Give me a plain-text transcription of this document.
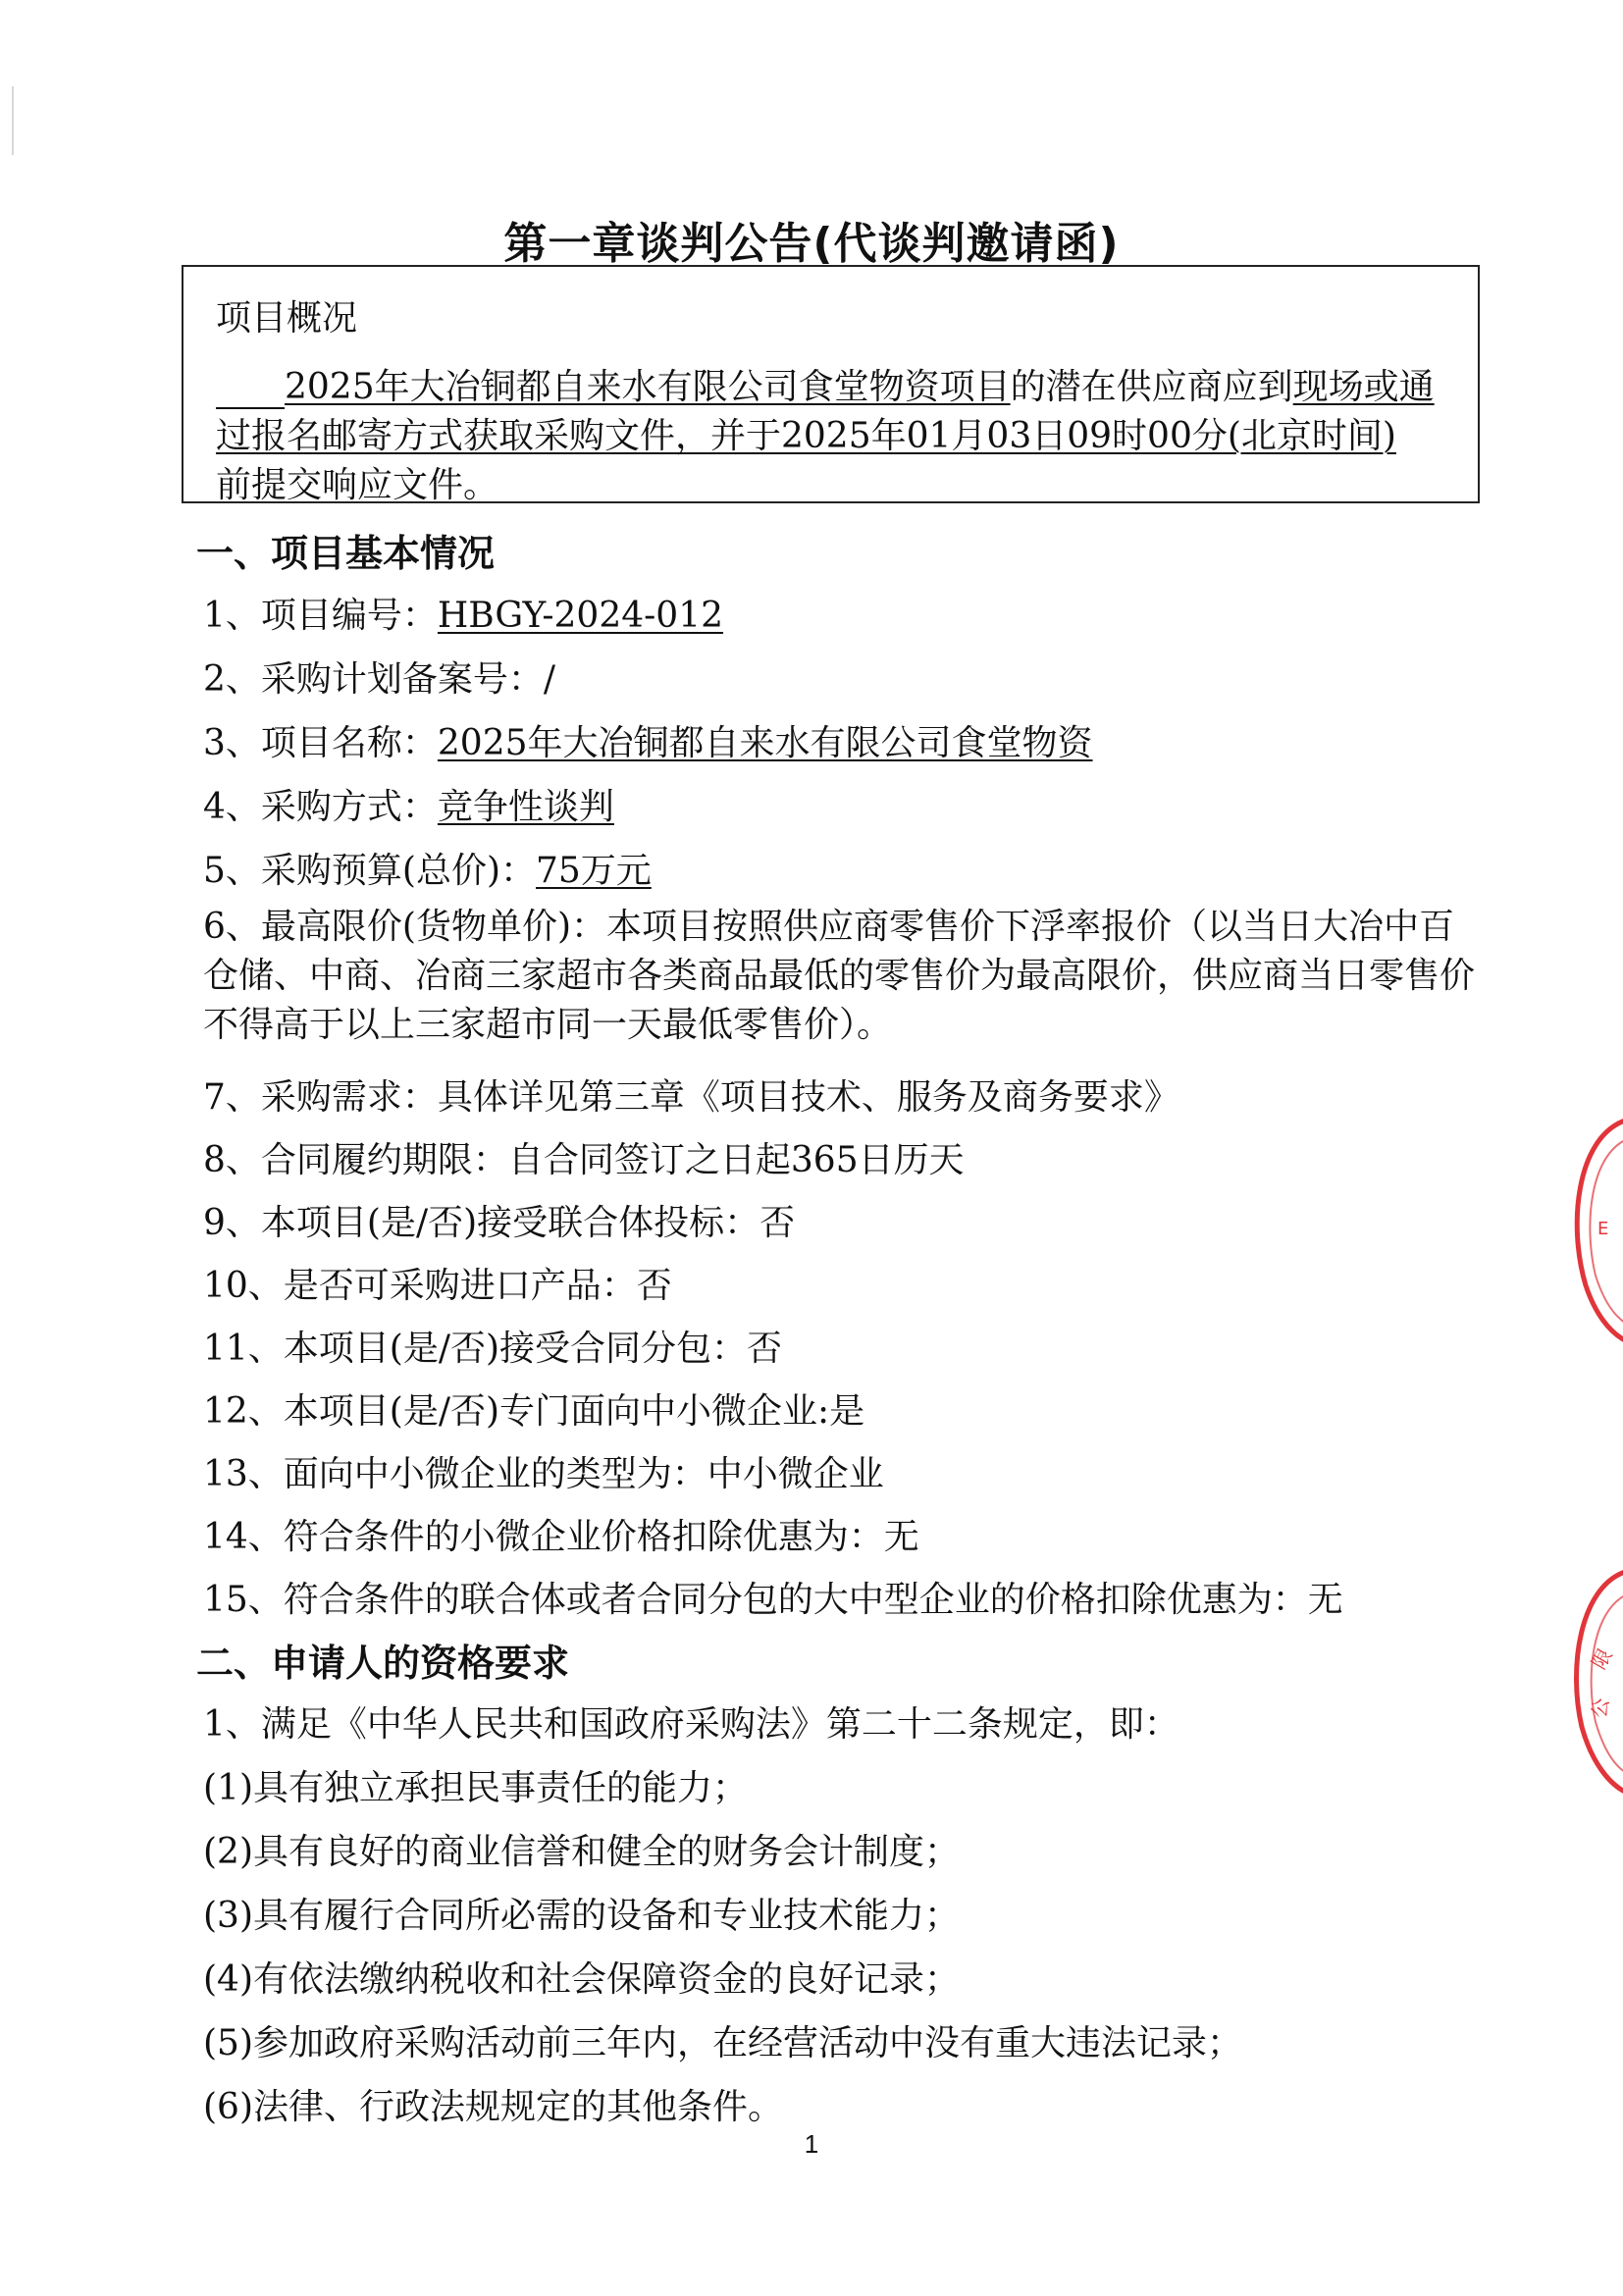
第一章谈判公告(代谈判邀请函)
项目概况
2025年大冶铜都自来水有限公司食堂物资项目的潜在供应商应到现场或通
过报名邮寄方式获取采购文件，并于2025年01月03日09时00分(北京时间)
前提交响应文件。
一、项目基本情况
1、项目编号：HBGY-2024-012
2、采购计划备案号：/
3、项目名称：2025年大冶铜都自来水有限公司食堂物资
4、采购方式：竞争性谈判
5、采购预算(总价)：75万元
6、最高限价(货物单价)：本项目按照供应商零售价下浮率报价（以当日大冶中百仓储、中商、冶商三家超市各类商品最低的零售价为最高限价，供应商当日零售价不得高于以上三家超市同一天最低零售价）。
7、采购需求：具体详见第三章《项目技术、服务及商务要求》
8、合同履约期限：自合同签订之日起365日历天
9、本项目(是/否)接受联合体投标：否
10、是否可采购进口产品：否
11、本项目(是/否)接受合同分包：否
12、本项目(是/否)专门面向中小微企业:是
13、面向中小微企业的类型为：中小微企业
14、符合条件的小微企业价格扣除优惠为：无
15、符合条件的联合体或者合同分包的大中型企业的价格扣除优惠为：无
二、申请人的资格要求
1、满足《中华人民共和国政府采购法》第二十二条规定，即：
(1)具有独立承担民事责任的能力；
(2)具有良好的商业信誉和健全的财务会计制度；
(3)具有履行合同所必需的设备和专业技术能力；
(4)有依法缴纳税收和社会保障资金的良好记录；
(5)参加政府采购活动前三年内，在经营活动中没有重大违法记录；
(6)法律、行政法规规定的其他条件。
1
E
限
公
